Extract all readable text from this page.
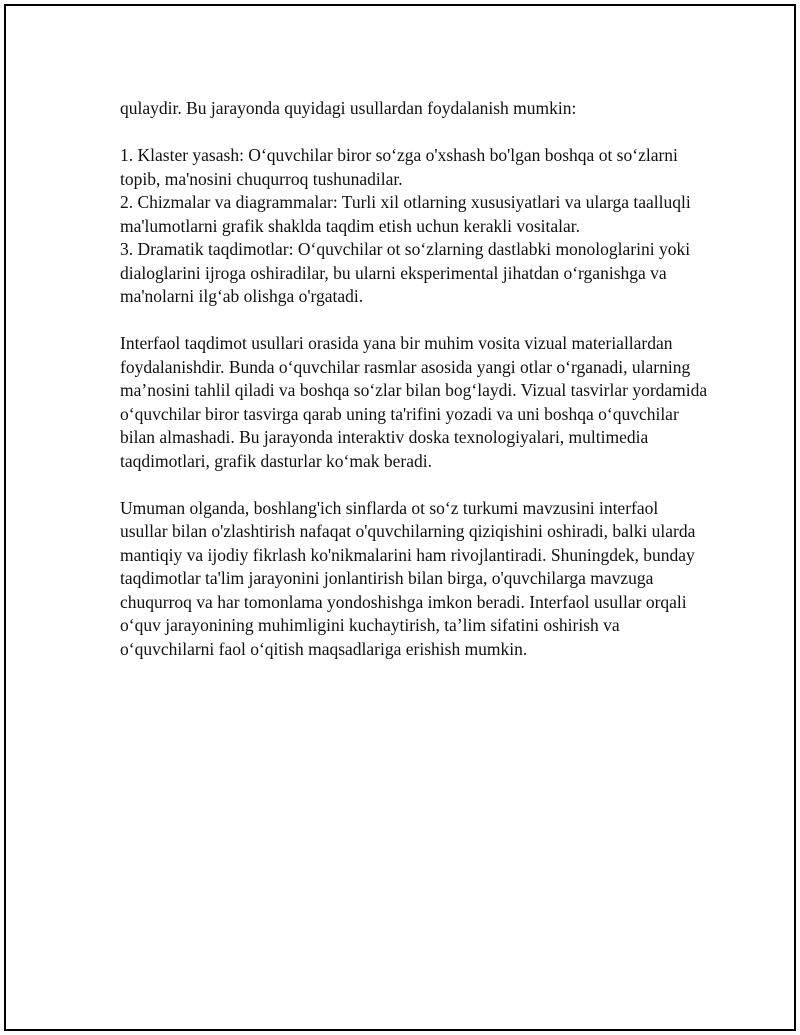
qulaydir. Bu jarayonda quyidagi usullardan foydalanish mumkin:

1. Klaster yasash: O‘quvchilar biror so‘zga o'xshash bo'lgan boshqa ot so‘zlarni topib, ma'nosini chuqurroq tushunadilar.

2. Chizmalar va diagrammalar: Turli xil otlarning xususiyatlari va ularga taalluqli ma'lumotlarni grafik shaklda taqdim etish uchun kerakli vositalar.

3. Dramatik taqdimotlar: O‘quvchilar ot so‘zlarning dastlabki monologlarini yoki dialoglarini ijroga oshiradilar, bu ularni eksperimental jihatdan o‘rganishga va ma'nolarni ilg‘ab olishga o'rgatadi.

Interfaol taqdimot usullari orasida yana bir muhim vosita vizual materiallardan foydalanishdir. Bunda o‘quvchilar rasmlar asosida yangi otlar o‘rganadi, ularning ma’nosini tahlil qiladi va boshqa so‘zlar bilan bog‘laydi. Vizual tasvirlar yordamida o‘quvchilar biror tasvirga qarab uning ta'rifini yozadi va uni boshqa o‘quvchilar bilan almashadi. Bu jarayonda interaktiv doska texnologiyalari, multimedia taqdimotlari, grafik dasturlar ko‘mak beradi.

Umuman olganda, boshlang'ich sinflarda ot so‘z turkumi mavzusini interfaol usullar bilan o'zlashtirish nafaqat o'quvchilarning qiziqishini oshiradi, balki ularda mantiqiy va ijodiy fikrlash ko'nikmalarini ham rivojlantiradi. Shuningdek, bunday taqdimotlar ta'lim jarayonini jonlantirish bilan birga, o'quvchilarga mavzuga chuqurroq va har tomonlama yondoshishga imkon beradi. Interfaol usullar orqali o‘quv jarayonining muhimligini kuchaytirish, ta’lim sifatini oshirish va o‘quvchilarni faol o‘qitish maqsadlariga erishish mumkin.
